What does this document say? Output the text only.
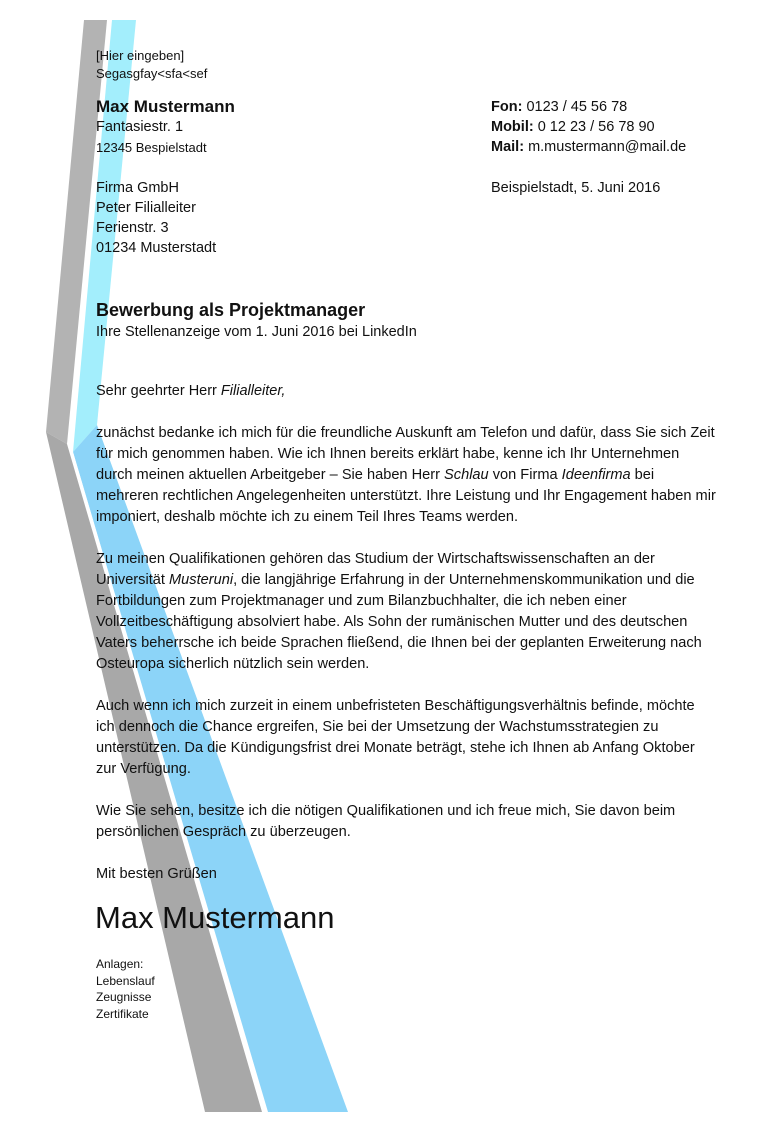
[Hier eingeben]
Segasgfay<sfa<sef
Max Mustermann
Fantasiestr. 1
12345 Bespielstadt
Fon: 0123 / 45 56 78
Mobil: 0 12 23 / 56 78 90
Mail: m.mustermann@mail.de
Firma GmbH
Peter Filialleiter
Ferienstr. 3
01234 Musterstadt
Beispielstadt, 5. Juni 2016
Bewerbung als Projektmanager
Ihre Stellenanzeige vom 1. Juni 2016 bei LinkedIn
Sehr geehrter Herr Filialleiter,

zunächst bedanke ich mich für die freundliche Auskunft am Telefon und dafür, dass Sie sich Zeit für mich genommen haben. Wie ich Ihnen bereits erklärt habe, kenne ich Ihr Unternehmen durch meinen aktuellen Arbeitgeber – Sie haben Herr Schlau von Firma Ideenfirma bei mehreren rechtlichen Angelegenheiten unterstützt. Ihre Leistung und Ihr Engagement haben mir imponiert, deshalb möchte ich zu einem Teil Ihres Teams werden.

Zu meinen Qualifikationen gehören das Studium der Wirtschaftswissenschaften an der Universität Musteruni, die langjährige Erfahrung in der Unternehmenskommunikation und die Fortbildungen zum Projektmanager und zum Bilanzbuchhalter, die ich neben einer Vollzeitbeschäftigung absolviert habe. Als Sohn der rumänischen Mutter und des deutschen Vaters beherrsche ich beide Sprachen fließend, die Ihnen bei der geplanten Erweiterung nach Osteuropa sicherlich nützlich sein werden.

Auch wenn ich mich zurzeit in einem unbefristeten Beschäftigungsverhältnis befinde, möchte ich dennoch die Chance ergreifen, Sie bei der Umsetzung der Wachstumsstrategien zu unterstützen. Da die Kündigungsfrist drei Monate beträgt, stehe ich Ihnen ab Anfang Oktober zur Verfügung.

Wie Sie sehen, besitze ich die nötigen Qualifikationen und ich freue mich, Sie davon beim persönlichen Gespräch zu überzeugen.

Mit besten Grüßen

Max Mustermann
Anlagen:
Lebenslauf
Zeugnisse
Zertifikate
